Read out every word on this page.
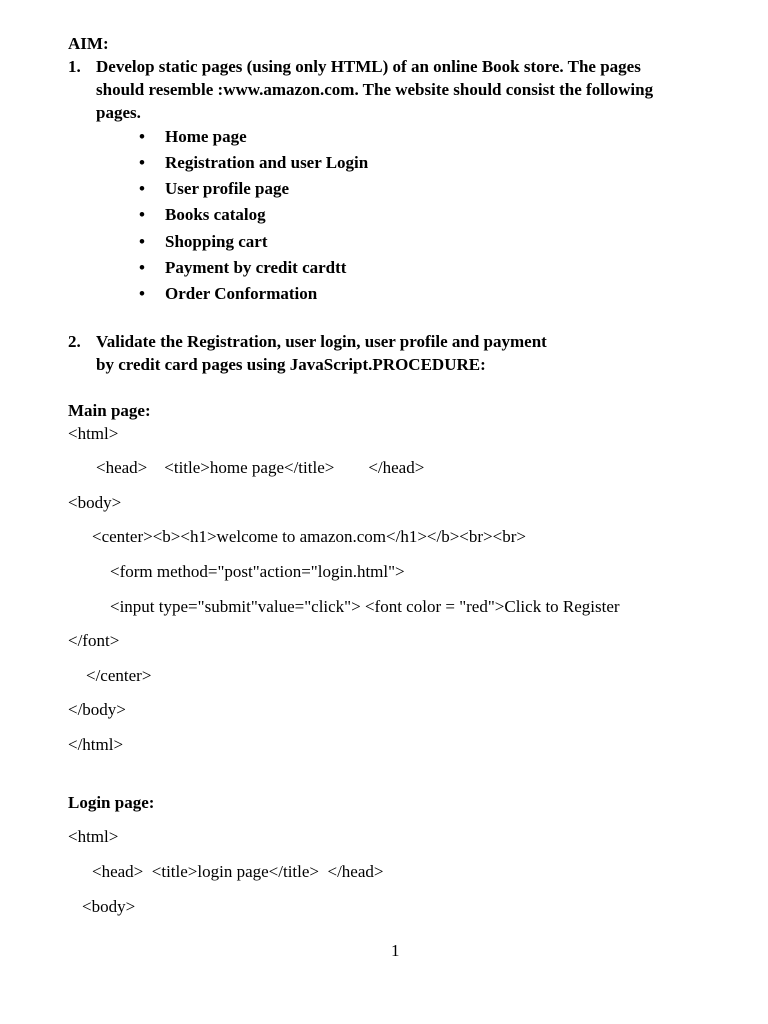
AIM:
1. Develop static pages (using only HTML) of an online Book store. The pages
should resemble :www.amazon.com. The website should consist the following
pages.
• Home page
• Registration and user Login
• User profile page
• Books catalog
• Shopping cart
• Payment by credit cardtt
• Order Conformation
2. Validate the Registration, user login, user profile and payment
by credit card pages using JavaScript.PROCEDURE:
Main page:
<html>
<head>    <title>home page</title>        </head>
<body>
<center><b><h1>welcome to amazon.com</h1></b><br><br>
<form method="post"action="login.html">
<input type="submit"value="click"> <font color = "red">Click to Register
</font>
</center>
</body>
</html>
Login page:
<html>
<head>  <title>login page</title>  </head>
<body>
1
